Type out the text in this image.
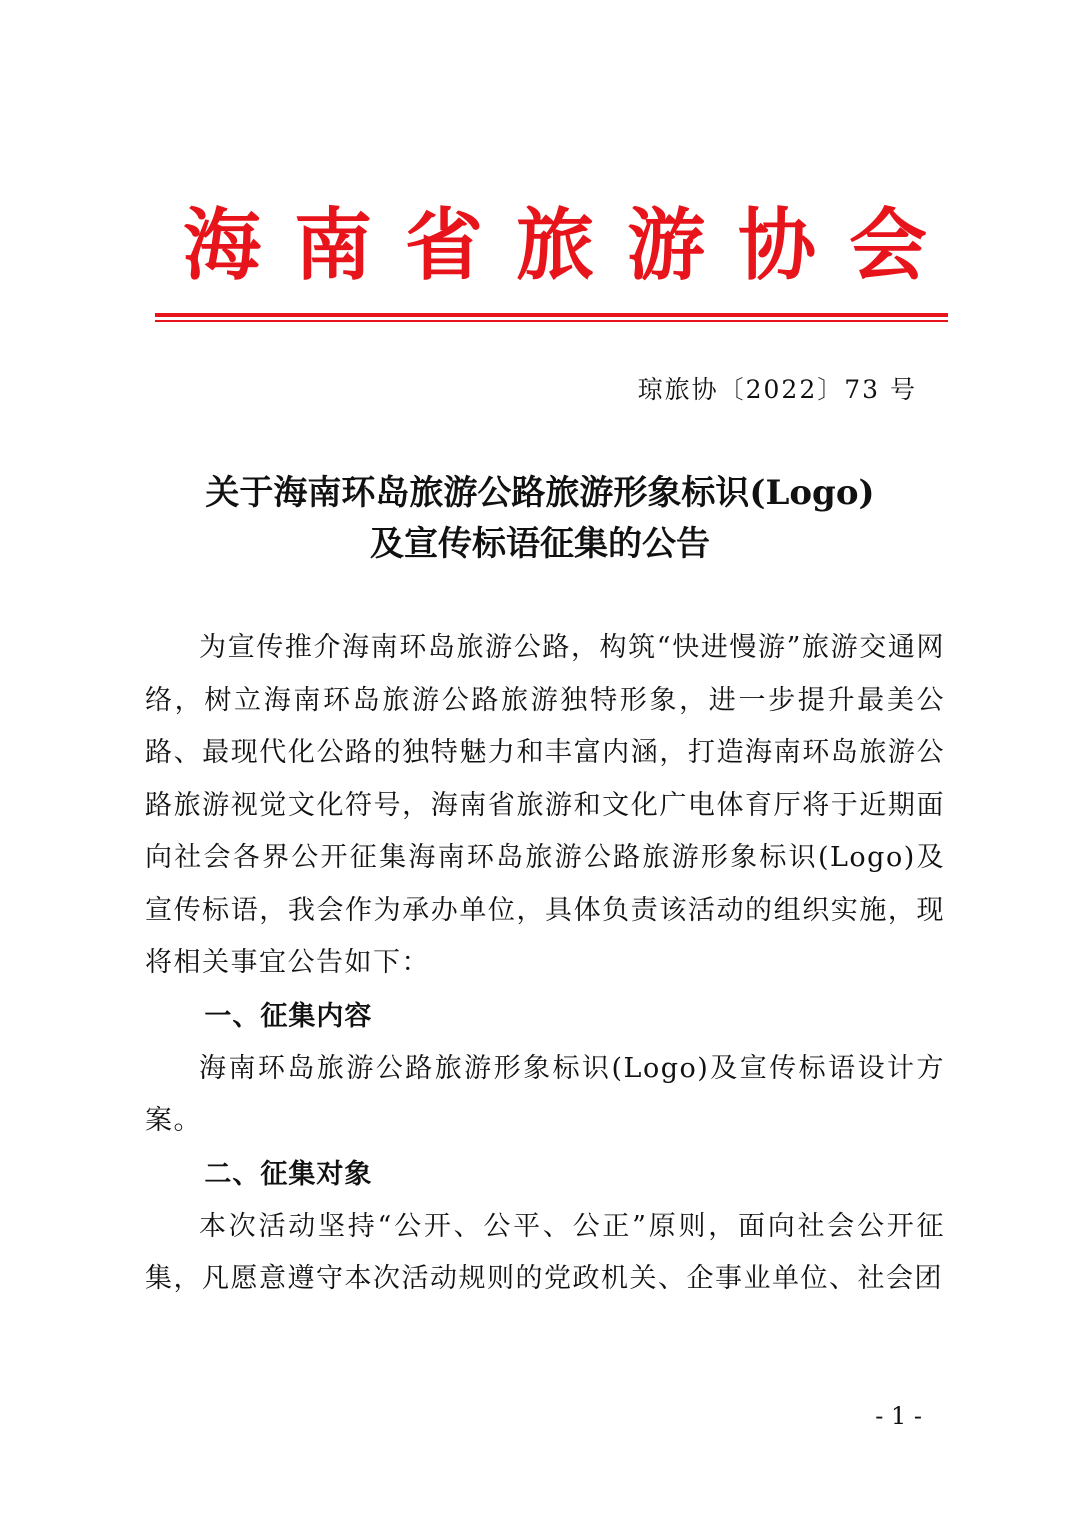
海南省旅游协会
琼旅协〔2022〕73 号
关于海南环岛旅游公路旅游形象标识(Logo)
及宣传标语征集的公告

为宣传推介海南环岛旅游公路，构筑“快进慢游”旅游交通网络，树立海南环岛旅游公路旅游独特形象，进一步提升最美公路、最现代化公路的独特魅力和丰富内涵，打造海南环岛旅游公路旅游视觉文化符号，海南省旅游和文化广电体育厅将于近期面向社会各界公开征集海南环岛旅游公路旅游形象标识(Logo)及宣传标语，我会作为承办单位，具体负责该活动的组织实施，现将相关事宜公告如下：

一、征集内容

海南环岛旅游公路旅游形象标识(Logo)及宣传标语设计方案。

二、征集对象

本次活动坚持“公开、公平、公正”原则，面向社会公开征集，凡愿意遵守本次活动规则的党政机关、企事业单位、社会团

- 1 -
